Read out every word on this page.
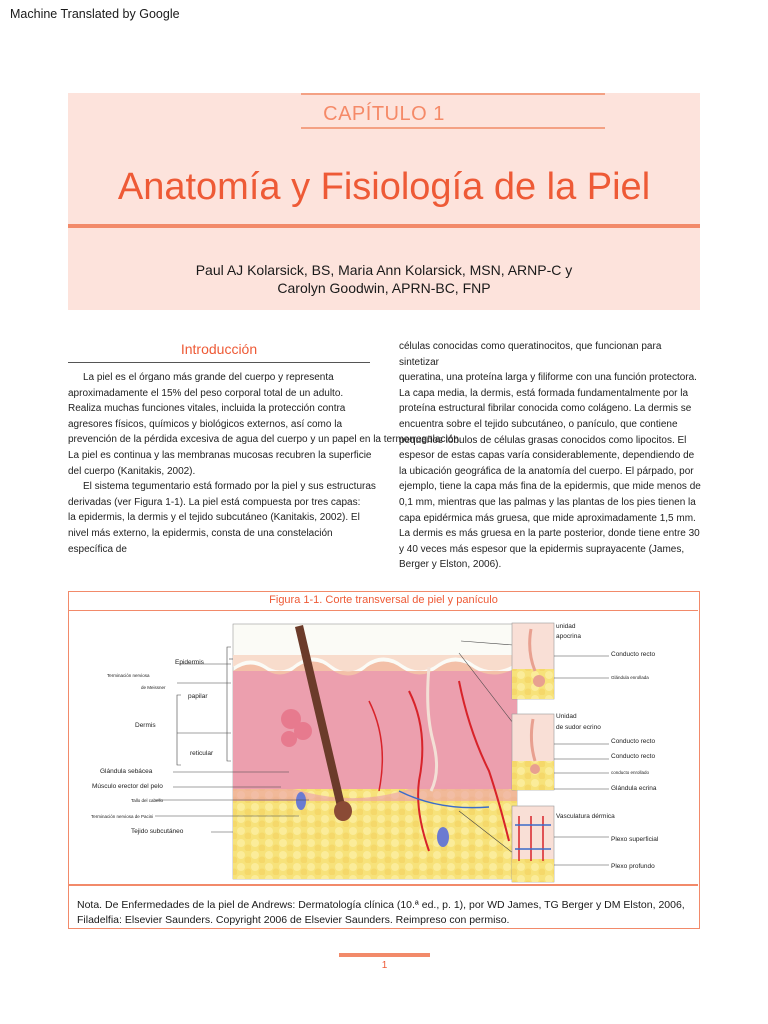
Machine Translated by Google
CAPÍTULO 1
Anatomía y Fisiología de la Piel
Paul AJ Kolarsick, BS, Maria Ann Kolarsick, MSN, ARNP-C y
Carolyn Goodwin, APRN-BC, FNP
Introducción

La piel es el órgano más grande del cuerpo y representa

aproximadamente el 15% del peso corporal total de un adulto.

Realiza muchas funciones vitales, incluida la protección contra

agresores físicos, químicos y biológicos externos, así como la

prevención de la pérdida excesiva de agua del cuerpo y un papel en la termorregulación.

La piel es continua y las membranas mucosas recubren la superficie

del cuerpo (Kanitakis, 2002).

El sistema tegumentario está formado por la piel y sus estructuras

derivadas (ver Figura 1-1). La piel está compuesta por tres capas:

la epidermis, la dermis y el tejido subcutáneo (Kanitakis, 2002). El

nivel más externo, la epidermis, consta de una constelación

específica de

células conocidas como queratinocitos, que funcionan para sintetizar

queratina, una proteína larga y filiforme con una función protectora.

La capa media, la dermis, está formada fundamentalmente por la

proteína estructural fibrilar conocida como colágeno. La dermis se

encuentra sobre el tejido subcutáneo, o panículo, que contiene

pequeños lóbulos de células grasas conocidos como lipocitos. El

espesor de estas capas varía considerablemente, dependiendo de

la ubicación geográfica de la anatomía del cuerpo. El párpado, por

ejemplo, tiene la capa más fina de la epidermis, que mide menos de

0,1 mm, mientras que las palmas y las plantas de los pies tienen la

capa epidérmica más gruesa, que mide aproximadamente 1,5 mm.

La dermis es más gruesa en la parte posterior, donde tiene entre 30

y 40 veces más espesor que la epidermis suprayacente (James,

Berger y Elston, 2006).

Figura 1-1. Corte transversal de piel y panículo
Epidermis
Terminación nerviosa
de Meissner
papilar
Dermis
reticular
Glándula sebácea
Músculo erector del pelo
Tallo del cabello
Terminación nerviosa de Pacini
Tejido subcutáneo
unidad
apocrina
Conducto recto
Glándula enrollada
Unidad
de sudor ecrino
Conducto recto
Conducto recto
conducto enrollado
Glándula ecrina
Vasculatura dérmica
Plexo superficial
Plexo profundo
Nota. De Enfermedades de la piel de Andrews: Dermatología clínica (10.ª ed., p. 1), por WD James, TG Berger y DM Elston, 2006,
Filadelfia: Elsevier Saunders. Copyright 2006 de Elsevier Saunders. Reimpreso con permiso.
1
